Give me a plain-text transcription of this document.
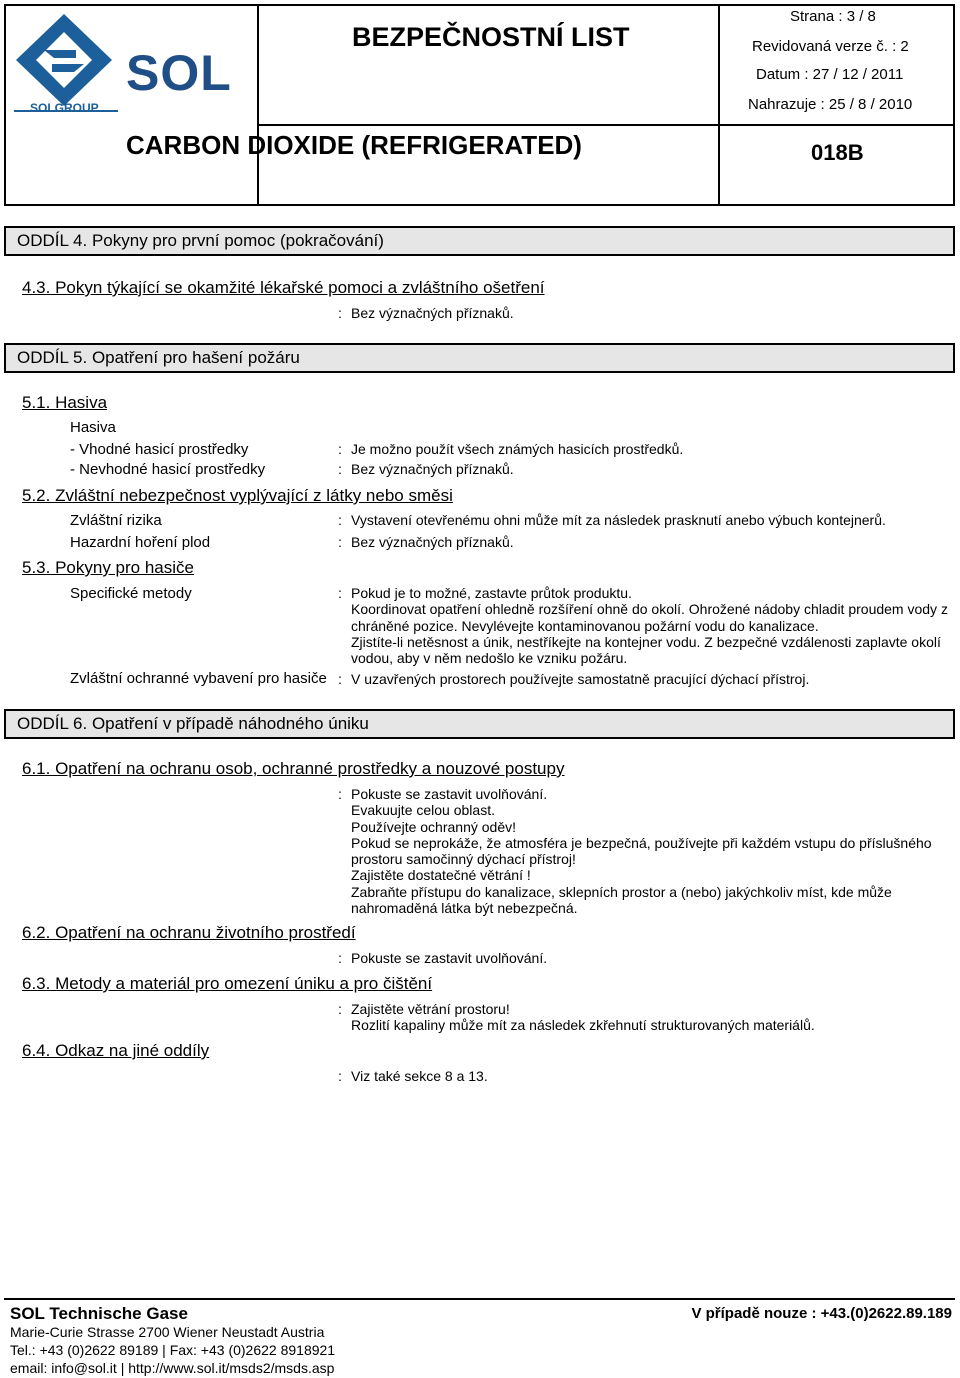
SOL
SOLGROUP
BEZPEČNOSTNÍ LIST
Strana : 3 / 8
Revidovaná verze č. : 2
Datum : 27 / 12 / 2011
Nahrazuje : 25 / 8 / 2010
CARBON DIOXIDE (REFRIGERATED)	018B
ODDÍL 4. Pokyny pro první pomoc (pokračování)
4.3. Pokyn týkající se okamžité lékařské pomoci a zvláštního ošetření
: Bez význačných příznaků.
ODDÍL 5. Opatření pro hašení požáru
5.1. Hasiva
Hasiva
- Vhodné hasicí prostředky	: Je možno použít všech známých hasicích prostředků.
- Nevhodné hasicí prostředky	: Bez význačných příznaků.
5.2. Zvláštní nebezpečnost vyplývající z látky nebo směsi
Zvláštní rizika	: Vystavení otevřenému ohni může mít za následek prasknutí anebo výbuch kontejnerů.
Hazardní hoření plod	: Bez význačných příznaků.
5.3. Pokyny pro hasiče
Specifické metody	: Pokud je to možné, zastavte průtok produktu.
Koordinovat opatření ohledně rozšíření ohně do okolí. Ohrožené nádoby chladit proudem vody z chráněné pozice. Nevylévejte kontaminovanou požární vodu do kanalizace.
Zjistíte-li netěsnost a únik, nestříkejte na kontejner vodu. Z bezpečné vzdálenosti zaplavte okolí vodou, aby v něm nedošlo ke vzniku požáru.
Zvláštní ochranné vybavení pro hasiče : V uzavřených prostorech používejte samostatně pracující dýchací přístroj.
ODDÍL 6. Opatření v případě náhodného úniku
6.1. Opatření na ochranu osob, ochranné prostředky a nouzové postupy
: Pokuste se zastavit uvolňování.
Evakuujte celou oblast.
Používejte ochranný oděv!
Pokud se neprokáže, že atmosféra je bezpečná, používejte při každém vstupu do příslušného prostoru samočinný dýchací přístroj!
Zajistěte dostatečné větrání !
Zabraňte přístupu do kanalizace, sklepních prostor a (nebo) jakýchkoliv míst, kde může nahromaděná látka být nebezpečná.
6.2. Opatření na ochranu životního prostředí
: Pokuste se zastavit uvolňování.
6.3. Metody a materiál pro omezení úniku a pro čištění
: Zajistěte větrání prostoru!
Rozlití kapaliny může mít za následek zkřehnutí strukturovaných materiálů.
6.4. Odkaz na jiné oddíly
: Viz také sekce 8 a 13.
SOL Technische Gase	V případě nouze : +43.(0)2622.89.189
Marie-Curie Strasse 2700 Wiener Neustadt Austria
Tel.: +43 (0)2622 89189 | Fax: +43 (0)2622 8918921
email: info@sol.it | http://www.sol.it/msds2/msds.asp
